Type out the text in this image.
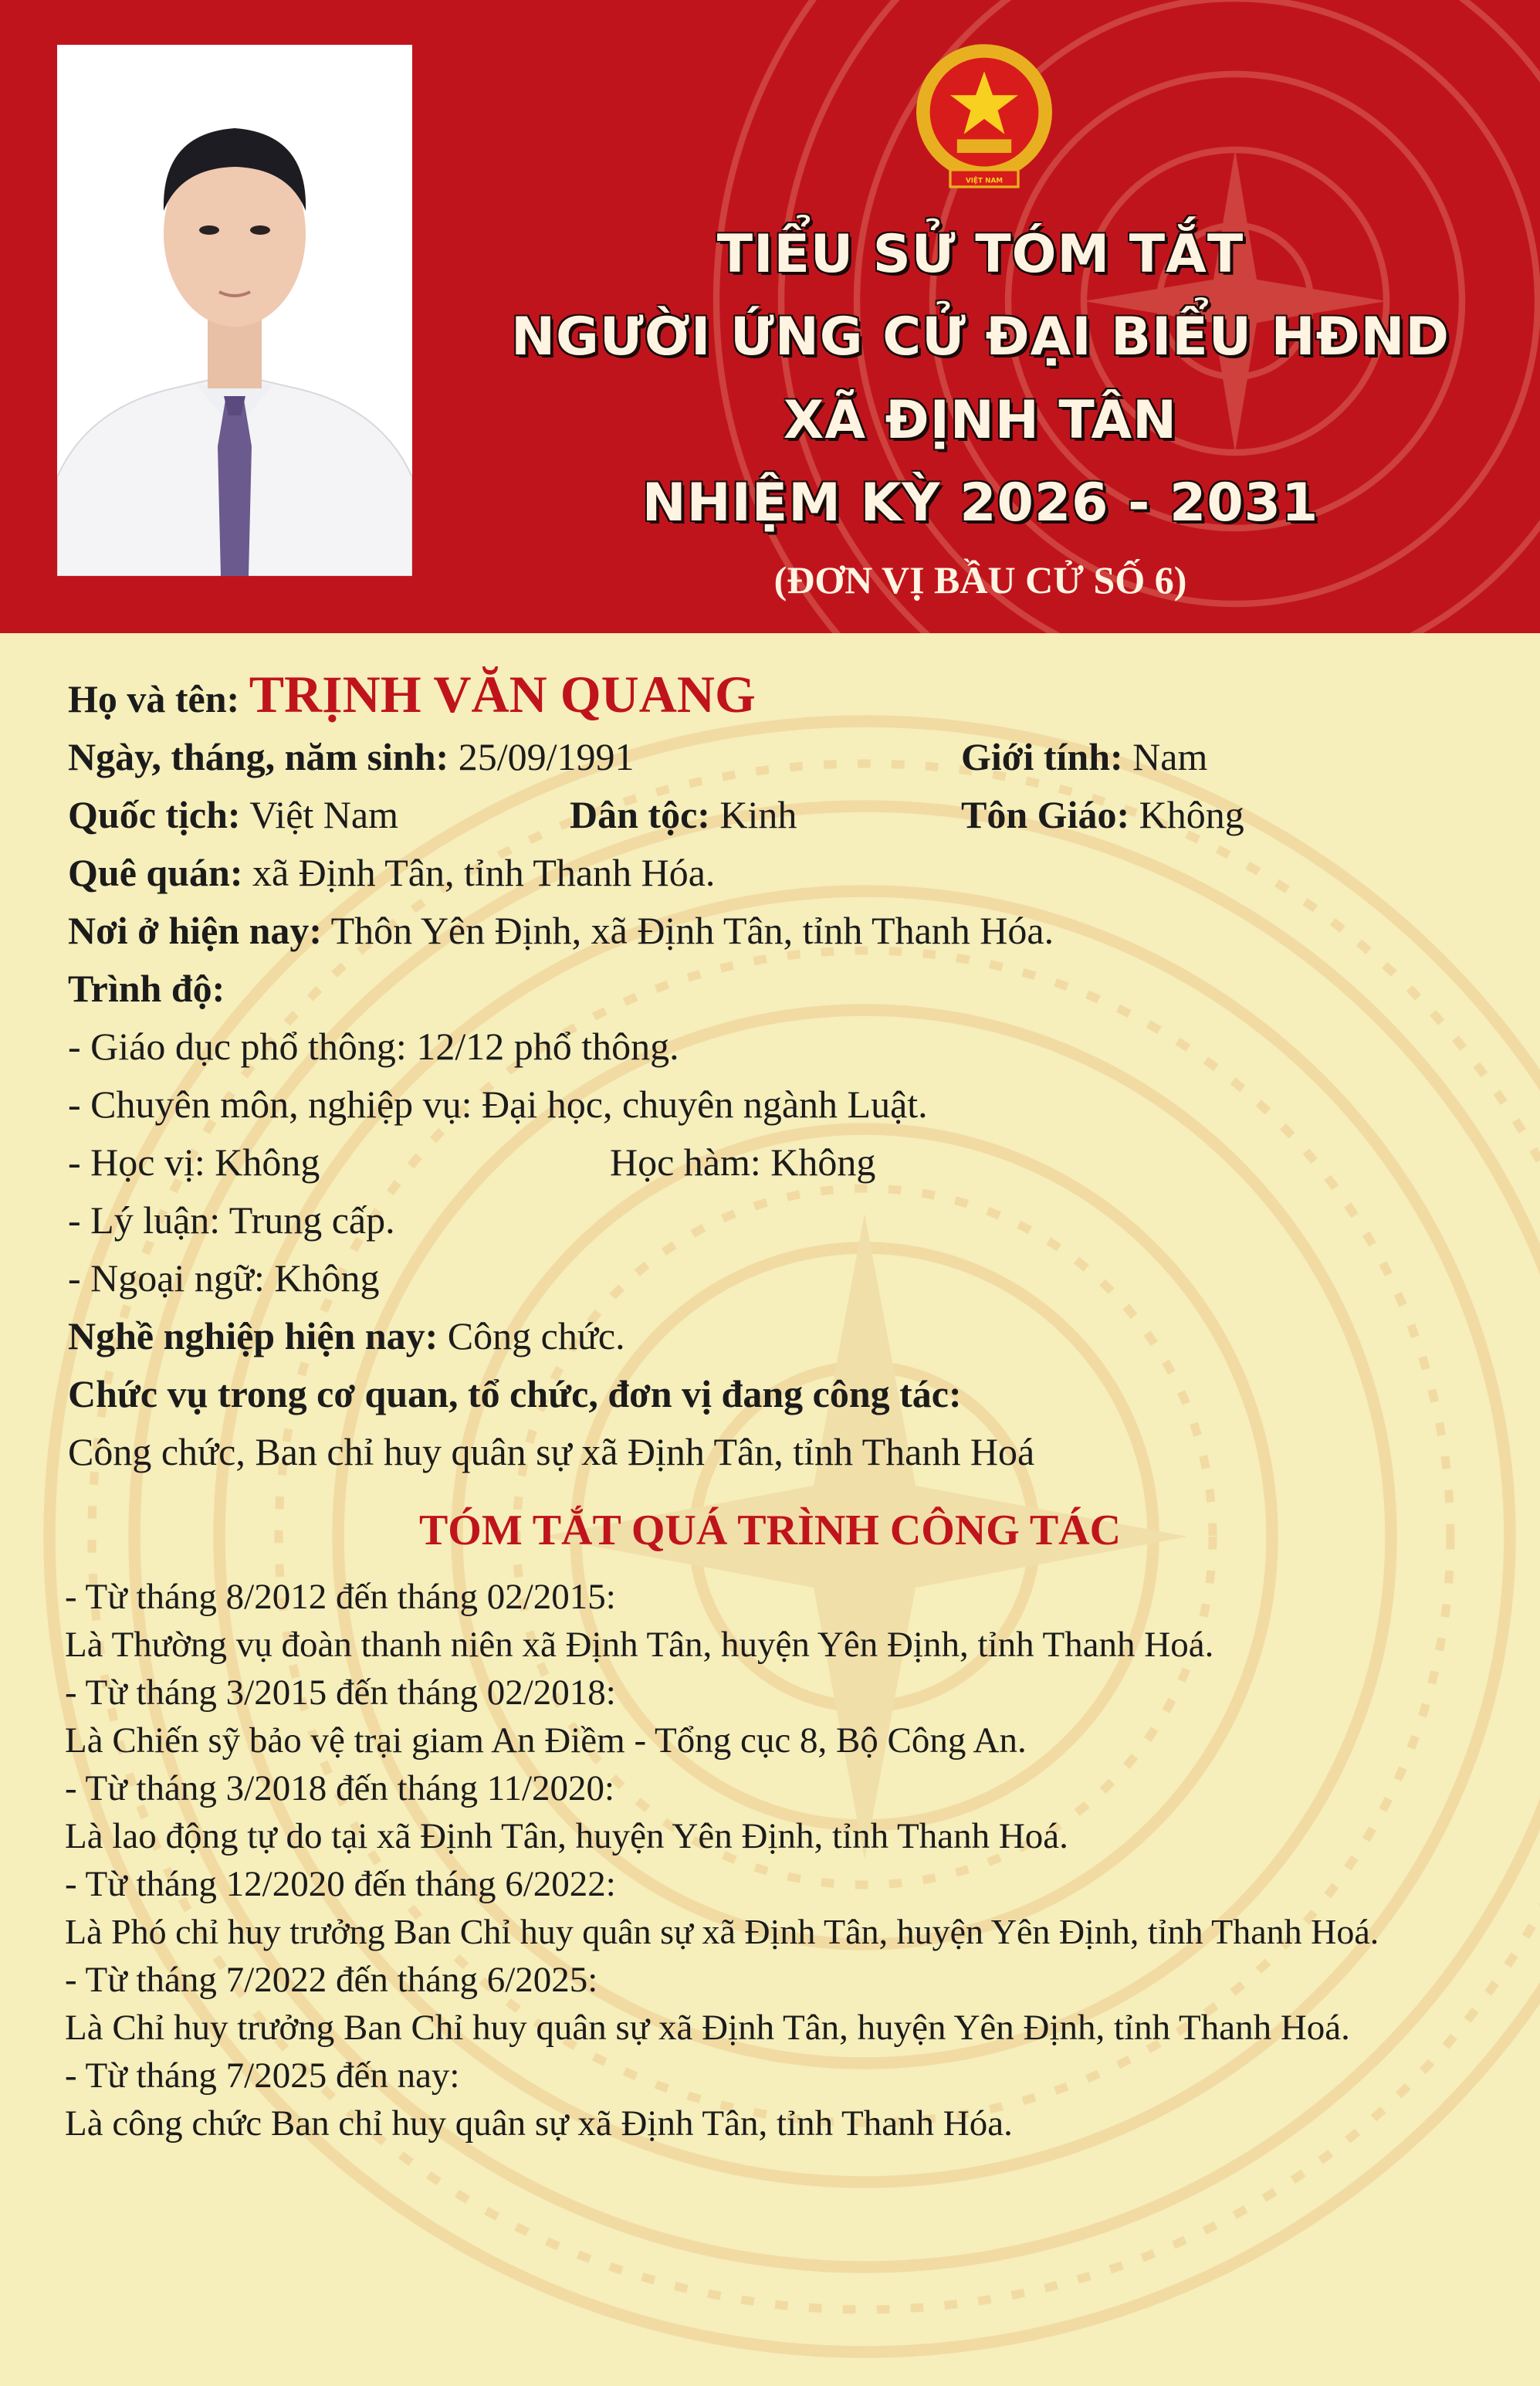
VIỆT NAM
TIỂU SỬ TÓM TẮT
NGƯỜI ỨNG CỬ ĐẠI BIỂU HĐND
XÃ ĐỊNH TÂN
NHIỆM KỲ 2026 - 2031
(ĐƠN VỊ BẦU CỬ SỐ 6)
Họ và tên: TRỊNH VĂN QUANG
Ngày, tháng, năm sinh: 25/09/1991	Giới tính: Nam
Quốc tịch: Việt Nam	Dân tộc: Kinh	Tôn Giáo: Không
Quê quán: xã Định Tân, tỉnh Thanh Hóa.
Nơi ở hiện nay: Thôn Yên Định, xã Định Tân, tỉnh Thanh Hóa.
Trình độ:
- Giáo dục phổ thông: 12/12 phổ thông.
- Chuyên môn, nghiệp vụ: Đại học, chuyên ngành Luật.
- Học vị: Không	Học hàm: Không
- Lý luận: Trung cấp.
- Ngoại ngữ: Không
Nghề nghiệp hiện nay: Công chức.
Chức vụ trong cơ quan, tổ chức, đơn vị đang công tác:
Công chức, Ban chỉ huy quân sự xã Định Tân, tỉnh Thanh Hoá
TÓM TẮT QUÁ TRÌNH CÔNG TÁC
- Từ tháng 8/2012 đến tháng 02/2015:
Là Thường vụ đoàn thanh niên xã Định Tân, huyện Yên Định, tỉnh Thanh Hoá.
- Từ tháng 3/2015 đến tháng 02/2018:
Là Chiến sỹ bảo vệ trại giam An Điềm - Tổng cục 8, Bộ Công An.
- Từ tháng 3/2018 đến tháng 11/2020:
Là lao động tự do tại xã Định Tân, huyện Yên Định, tỉnh Thanh Hoá.
- Từ tháng 12/2020 đến tháng 6/2022:
Là Phó chỉ huy trưởng Ban Chỉ huy quân sự xã Định Tân, huyện Yên Định, tỉnh Thanh Hoá.
- Từ tháng 7/2022 đến tháng 6/2025:
Là Chỉ huy trưởng Ban Chỉ huy quân sự xã Định Tân, huyện Yên Định, tỉnh Thanh Hoá.
- Từ tháng 7/2025 đến nay:
Là công chức Ban chỉ huy quân sự xã Định Tân, tỉnh Thanh Hóa.
